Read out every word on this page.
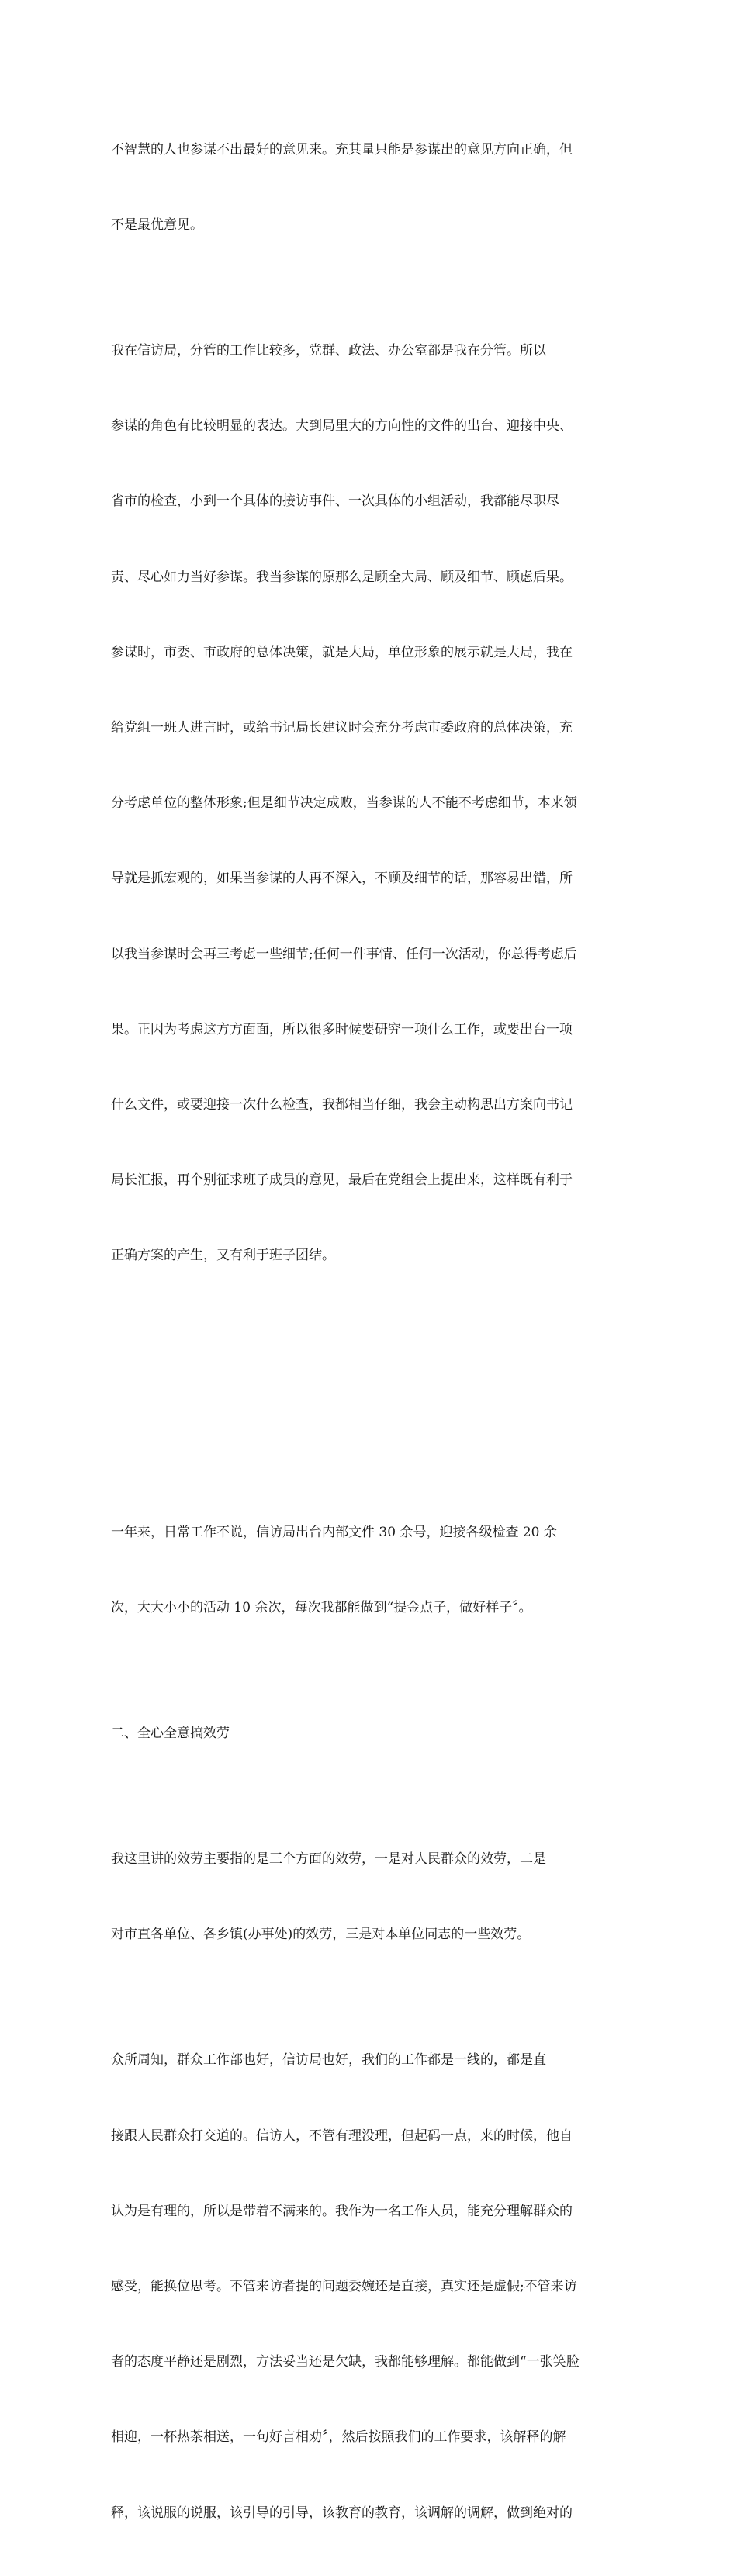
不智慧的人也参谋不出最好的意见来。充其量只能是参谋出的意见方向正确，但

不是最优意见。

我在信访局，分管的工作比较多，党群、政法、办公室都是我在分管。所以

参谋的角色有比较明显的表达。大到局里大的方向性的文件的出台、迎接中央、

省市的检查，小到一个具体的接访事件、一次具体的小组活动，我都能尽职尽

责、尽心如力当好参谋。我当参谋的原那么是顾全大局、顾及细节、顾虑后果。

参谋时，市委、市政府的总体决策，就是大局，单位形象的展示就是大局，我在

给党组一班人进言时，或给书记局长建议时会充分考虑市委政府的总体决策，充

分考虑单位的整体形象;但是细节决定成败，当参谋的人不能不考虑细节，本来领

导就是抓宏观的，如果当参谋的人再不深入，不顾及细节的话，那容易出错，所

以我当参谋时会再三考虑一些细节;任何一件事情、任何一次活动，你总得考虑后

果。正因为考虑这方方面面，所以很多时候要研究一项什么工作，或要出台一项

什么文件，或要迎接一次什么检查，我都相当仔细，我会主动构思出方案向书记

局长汇报，再个别征求班子成员的意见，最后在党组会上提出来，这样既有利于

正确方案的产生，又有利于班子团结。

一年来，日常工作不说，信访局出台内部文件 30 余号，迎接各级检查 20 余

次，大大小小的活动 10 余次，每次我都能做到“提金点子，做好样子〞。

二、全心全意搞效劳

我这里讲的效劳主要指的是三个方面的效劳，一是对人民群众的效劳，二是

对市直各单位、各乡镇(办事处)的效劳，三是对本单位同志的一些效劳。

众所周知，群众工作部也好，信访局也好，我们的工作都是一线的，都是直

接跟人民群众打交道的。信访人，不管有理没理，但起码一点，来的时候，他自

认为是有理的，所以是带着不满来的。我作为一名工作人员，能充分理解群众的

感受，能换位思考。不管来访者提的问题委婉还是直接，真实还是虚假;不管来访

者的态度平静还是剧烈，方法妥当还是欠缺，我都能够理解。都能做到“一张笑脸

相迎，一杯热茶相送，一句好言相劝〞，然后按照我们的工作要求，该解释的解

释，该说服的说服，该引导的引导，该教育的教育，该调解的调解，做到绝对的
